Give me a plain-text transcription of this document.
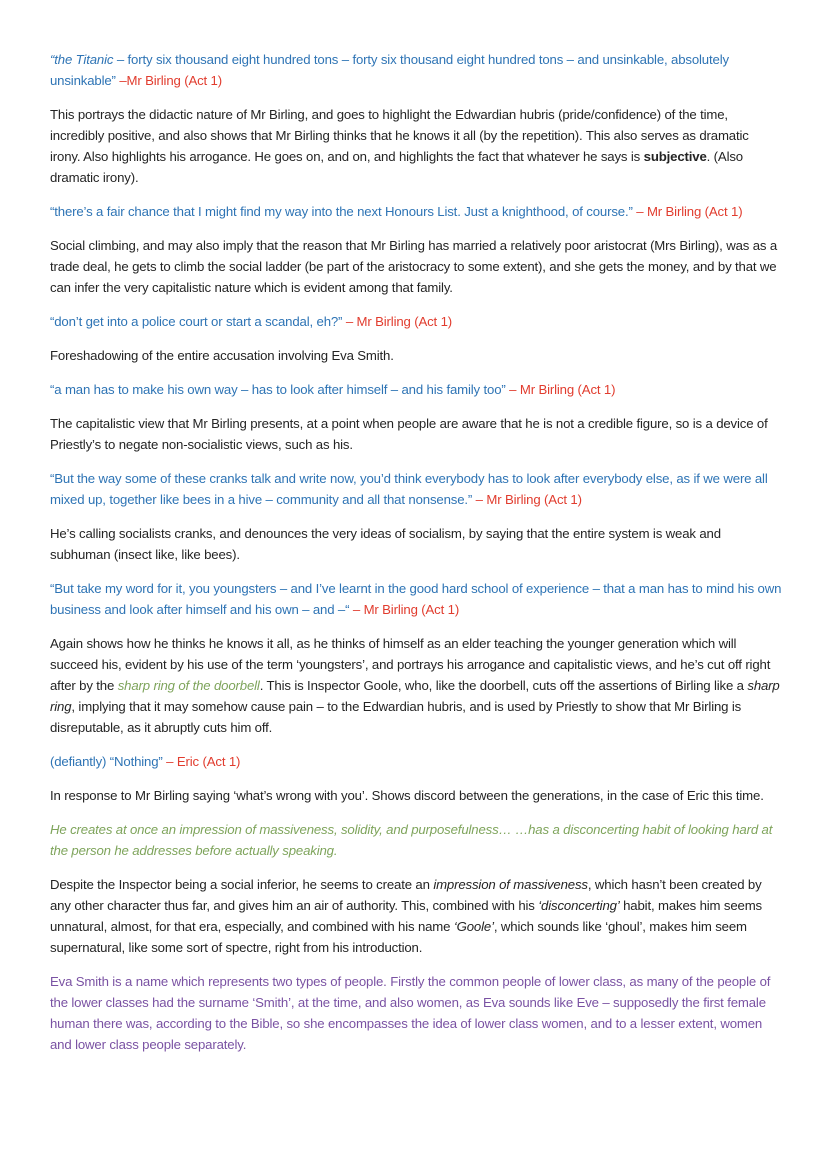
“the Titanic – forty six thousand eight hundred tons – forty six thousand eight hundred tons – and unsinkable, absolutely unsinkable” –Mr Birling (Act 1)

This portrays the didactic nature of Mr Birling, and goes to highlight the Edwardian hubris (pride/confidence) of the time, incredibly positive, and also shows that Mr Birling thinks that he knows it all (by the repetition). This also serves as dramatic irony. Also highlights his arrogance. He goes on, and on, and highlights the fact that whatever he says is subjective. (Also dramatic irony).

“there’s a fair chance that I might find my way into the next Honours List. Just a knighthood, of course.” – Mr Birling (Act 1)

Social climbing, and may also imply that the reason that Mr Birling has married a relatively poor aristocrat (Mrs Birling), was as a trade deal, he gets to climb the social ladder (be part of the aristocracy to some extent), and she gets the money, and by that we can infer the very capitalistic nature which is evident among that family.

“don’t get into a police court or start a scandal, eh?” – Mr Birling (Act 1)

Foreshadowing of the entire accusation involving Eva Smith.

“a man has to make his own way – has to look after himself – and his family too” – Mr Birling (Act 1)

The capitalistic view that Mr Birling presents, at a point when people are aware that he is not a credible figure, so is a device of Priestly’s to negate non-socialistic views, such as his.

“But the way some of these cranks talk and write now, you’d think everybody has to look after everybody else, as if we were all mixed up, together like bees in a hive – community and all that nonsense.” – Mr Birling (Act 1)

He’s calling socialists cranks, and denounces the very ideas of socialism, by saying that the entire system is weak and subhuman (insect like, like bees).

“But take my word for it, you youngsters – and I’ve learnt in the good hard school of experience – that a man has to mind his own business and look after himself and his own – and –“ – Mr Birling (Act 1)

Again shows how he thinks he knows it all, as he thinks of himself as an elder teaching the younger generation which will succeed his, evident by his use of the term ‘youngsters’, and portrays his arrogance and capitalistic views, and he’s cut off right after by the sharp ring of the doorbell. This is Inspector Goole, who, like the doorbell, cuts off the assertions of Birling like a sharp ring, implying that it may somehow cause pain – to the Edwardian hubris, and is used by Priestly to show that Mr Birling is disreputable, as it abruptly cuts him off.

(defiantly) “Nothing” – Eric (Act 1)

In response to Mr Birling saying ‘what’s wrong with you’. Shows discord between the generations, in the case of Eric this time.

He creates at once an impression of massiveness, solidity, and purposefulness… …has a disconcerting habit of looking hard at the person he addresses before actually speaking.

Despite the Inspector being a social inferior, he seems to create an impression of massiveness, which hasn’t been created by any other character thus far, and gives him an air of authority. This, combined with his ‘disconcerting’ habit, makes him seems unnatural, almost, for that era, especially, and combined with his name ‘Goole’, which sounds like ‘ghoul’, makes him seem supernatural, like some sort of spectre, right from his introduction.

Eva Smith is a name which represents two types of people. Firstly the common people of lower class, as many of the people of the lower classes had the surname ‘Smith’, at the time, and also women, as Eva sounds like Eve – supposedly the first female human there was, according to the Bible, so she encompasses the idea of lower class women, and to a lesser extent, women and lower class people separately.
